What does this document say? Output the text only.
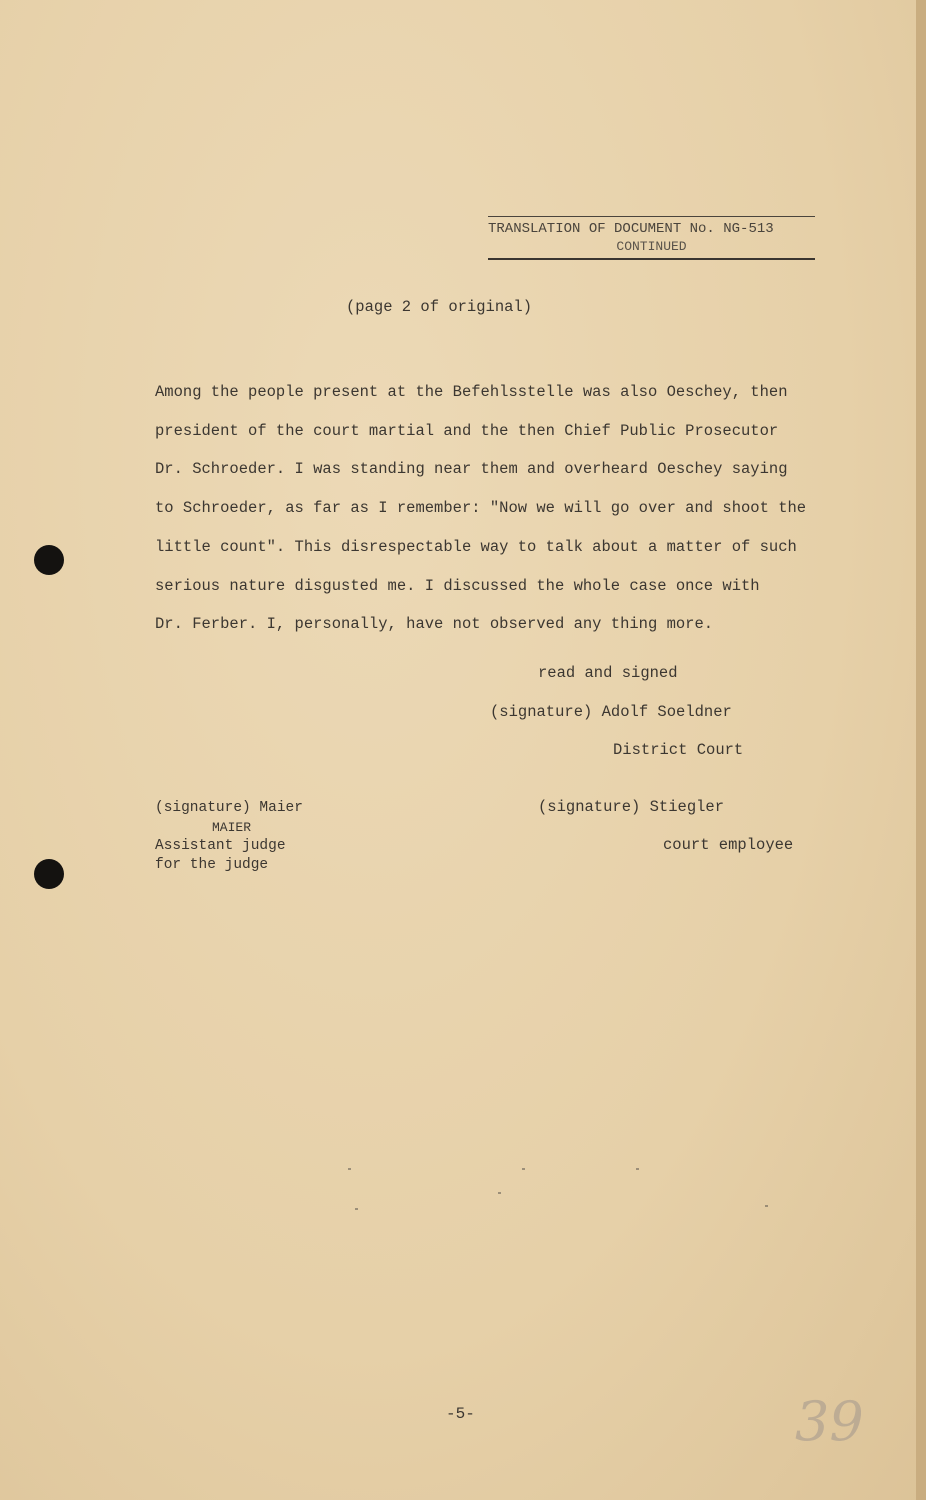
TRANSLATION OF DOCUMENT No. NG-513
CONTINUED
(page 2 of original)
Among the people present at the Befehlsstelle was also Oeschey, then
president of the court martial and the then Chief Public Prosecutor
Dr. Schroeder. I was standing near them and overheard Oeschey saying
to Schroeder, as far as I remember: "Now we will go over and shoot the
little count". This disrespectable way to talk about a matter of such
serious nature disgusted me. I discussed the whole case once with
Dr. Ferber. I, personally, have not observed any thing more.
read and signed
(signature) Adolf Soeldner
District Court
(signature) Maier
MAIER
Assistant judge
for the judge
(signature) Stiegler
court employee
-5-	39
